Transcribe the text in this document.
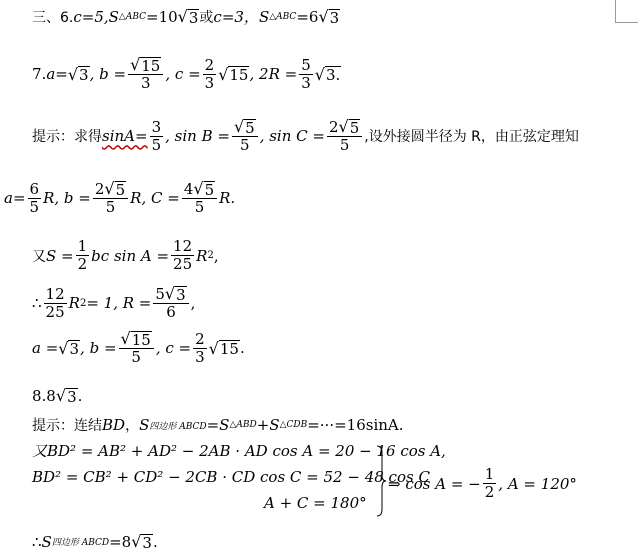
三、6. c=5, S △ABC =10 √ 3 或 c=3， S △ABC =6 √ 3
7. a= √ 3 , $b = \frac{√ 15}{3}$ , $c = \frac{2}{3}$ √ 15 , $2R = \frac{5}{3}$ √ 3.
提示：求得 $\sin A= \frac{3}{5}$ , $\sin B = \frac{√ 5}{5}$ , $\sin C = \frac{2 √ 5}{5}$ ,设外接圆半径为 R，由正弦定理知
$a= \frac{6}{5} R$,
$b = \frac{2 √ 5}{5} R$, $C = \frac{4 √ 5}{5} R$.
又 $S = \frac{1}{2}$ bc $\sin A = \frac{12}{25}$ R 2 ,
∴ $\frac{12}{25}$ R 2 = 1, $R = \frac{5 √ 3}{6}$ ,
a = √ 3 , $b = \frac{√ 15}{5}$ , $c = \frac{2}{3}$ √ 15 .
8.8 √ 3 .
提示：连结 BD ， S 四边形 ABCD =S △ABD +S △CDB =···=16sinA.
又BD² = AB² + AD² − 2AB · AD cos A = 20 − 16 cos A,
BD² = CB² + CD² − 2CB · CD cos C = 52 − 48 cos C
A + C = 180°
⇒ cos A = − $\frac{1}{2}$ , A = 120°
∴ S 四边形 ABCD =8 √ 3 .
